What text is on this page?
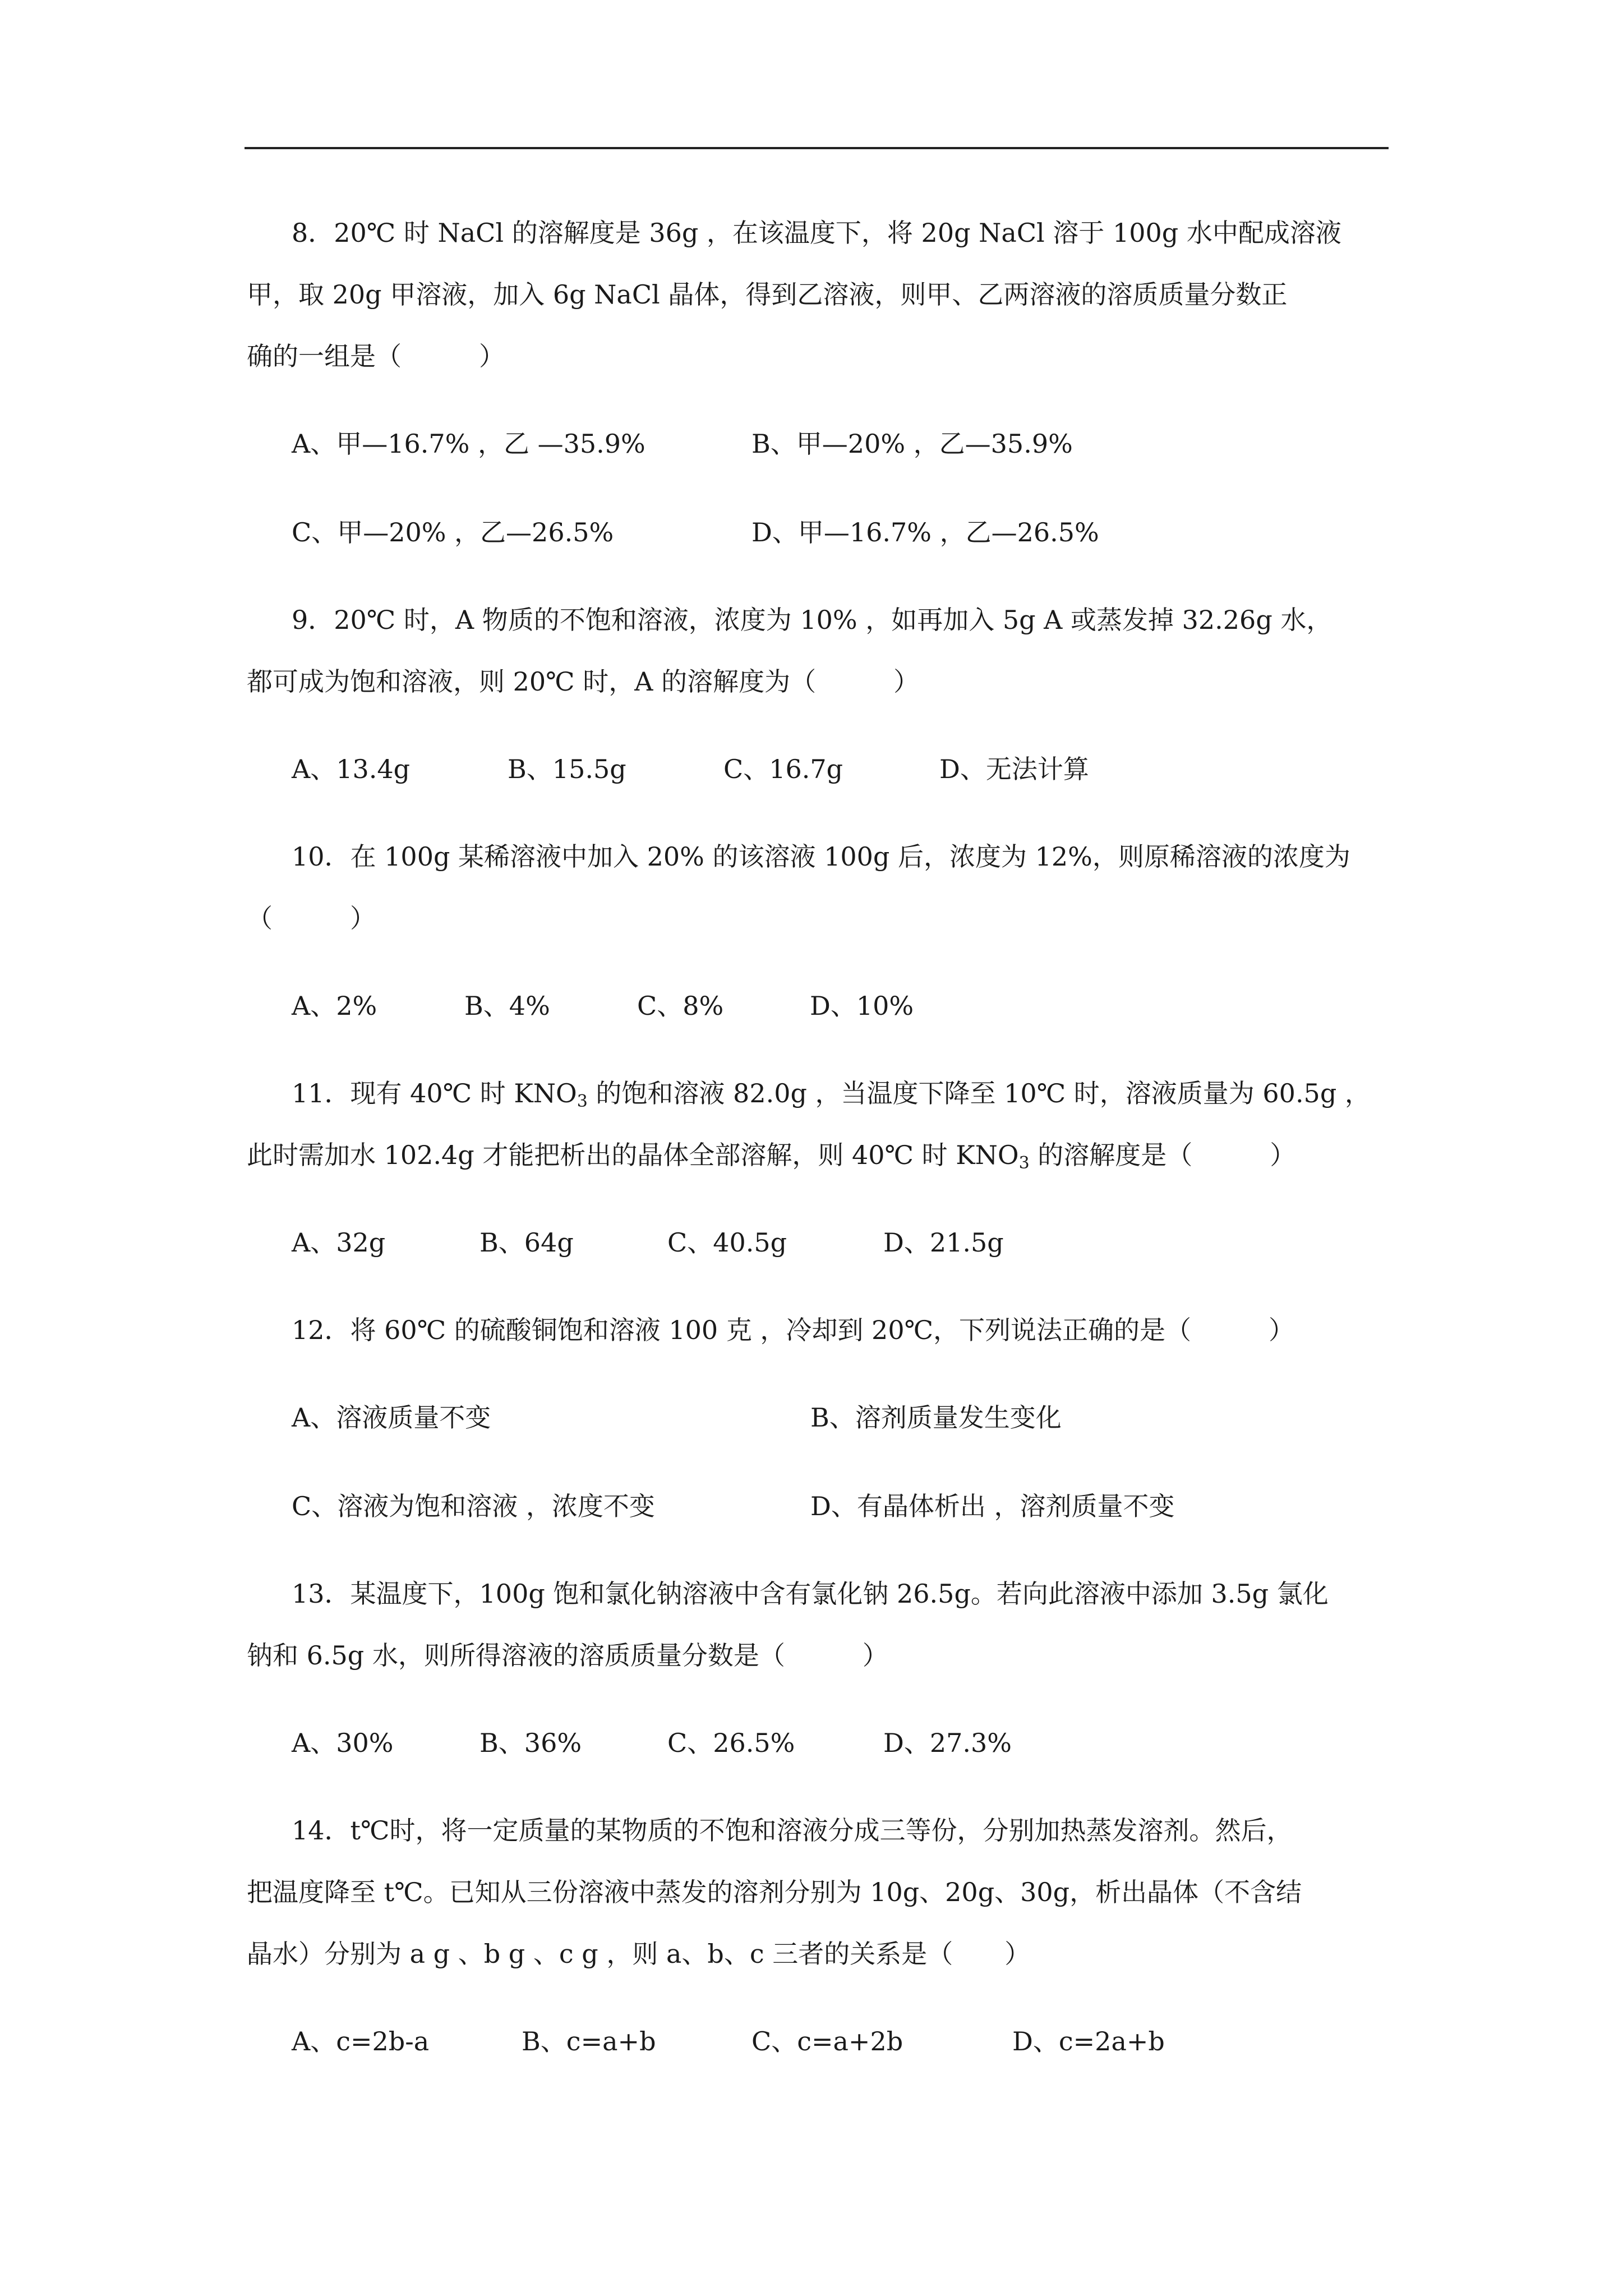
8．20℃ 时 NaCl 的溶解度是 36g ，在该温度下，将 20g NaCl 溶于 100g 水中配成溶液
甲，取 20g 甲溶液，加入 6g NaCl 晶体，得到乙溶液，则甲、乙两溶液的溶质质量分数正
确的一组是（　　　）
A、甲—16.7% ，乙 —35.9%	B、甲—20% ，乙—35.9%
C、甲—20% ，乙—26.5%	D、甲—16.7% ，乙—26.5%
9．20℃ 时，A 物质的不饱和溶液，浓度为 10% ，如再加入 5g A 或蒸发掉 32.26g 水，
都可成为饱和溶液，则 20℃ 时，A 的溶解度为（　　　）
A、13.4g	B、15.5g	C、16.7g	D、无法计算
10．在 100g 某稀溶液中加入 20% 的该溶液 100g 后，浓度为 12%，则原稀溶液的浓度为
（　　　）
A、2%	B、4%	C、8%	D、10%
11．现有 40℃ 时 $KNO_3$ 的饱和溶液 82.0g ，当温度下降至 10℃ 时，溶液质量为 60.5g ，
此时需加水 102.4g 才能把析出的晶体全部溶解，则 40℃ 时 $KNO_3$ 的溶解度是（　　　）
A、32g	B、64g	C、40.5g	D、21.5g
12．将 60℃ 的硫酸铜饱和溶液 100 克 ，冷却到 20℃，下列说法正确的是（　　　）
A、溶液质量不变	B、溶剂质量发生变化
C、溶液为饱和溶液 ，浓度不变	D、有晶体析出 ，溶剂质量不变
13．某温度下，100g 饱和氯化钠溶液中含有氯化钠 26.5g。若向此溶液中添加 3.5g 氯化
钠和 6.5g 水，则所得溶液的溶质质量分数是（　　　）
A、30%	B、36%	C、26.5%	D、27.3%
14．t℃时，将一定质量的某物质的不饱和溶液分成三等份，分别加热蒸发溶剂。然后，
把温度降至 t℃。已知从三份溶液中蒸发的溶剂分别为 10g、20g、30g，析出晶体（不含结
晶水）分别为 a g 、b g 、c g ，则 a、b、c 三者的关系是（　　）
A、c=2b-a	B、c=a+b	C、c=a+2b	D、c=2a+b
